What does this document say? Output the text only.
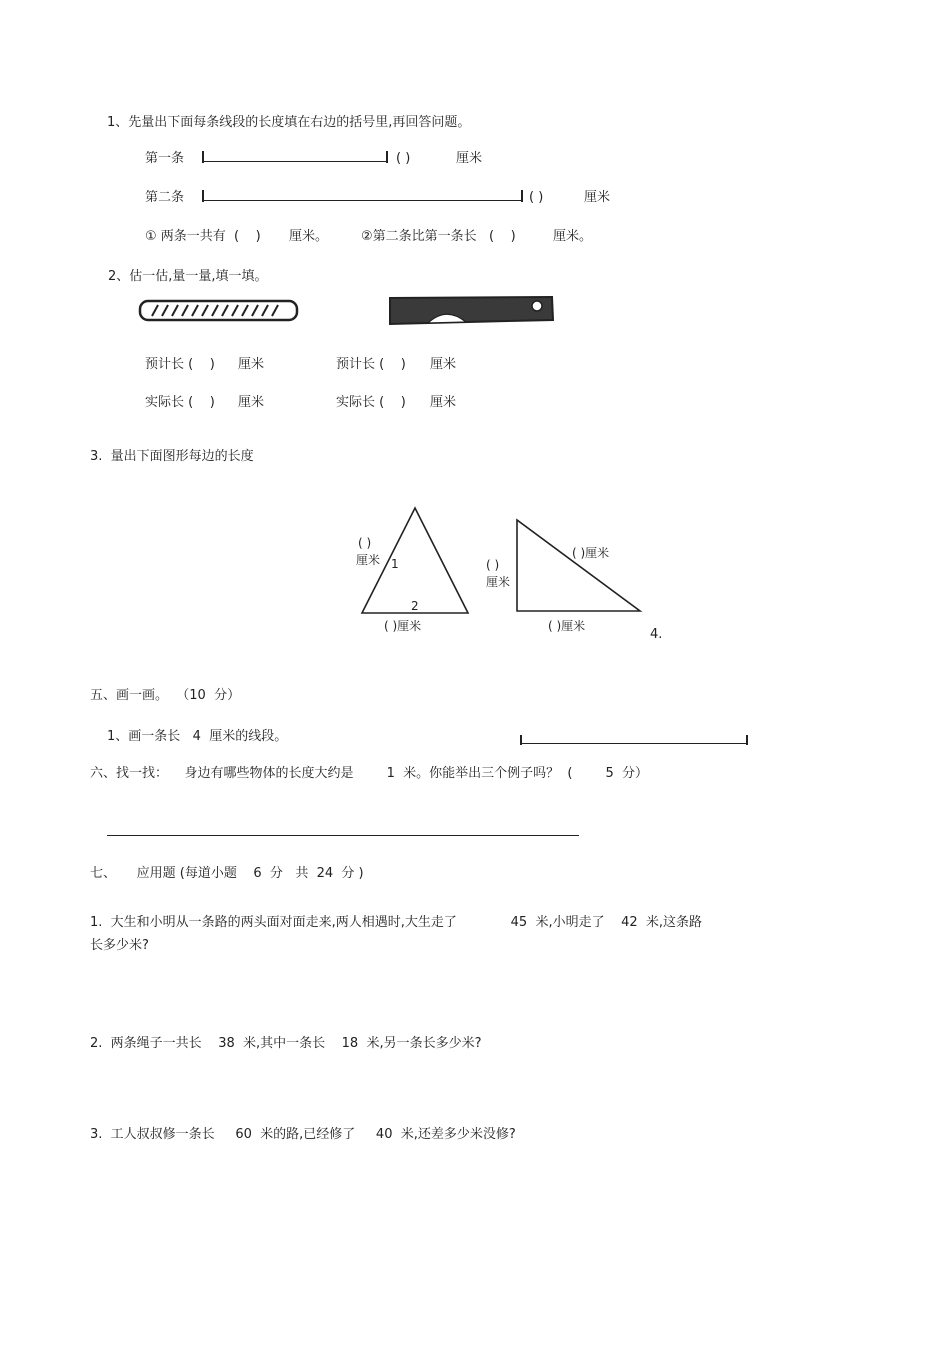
1、先量出下面每条线段的长度填在右边的括号里,再回答问题。
第一条	( )	厘米
第二条	( )	厘米
① 两条一共有  (    ) 厘米。	②第二条比第一条长   (    )	厘米。
2、估一估,量一量,填一填。
预计长 (    ) 厘米	预计长 (    ) 厘米
实际长 (    ) 厘米	实际长 (    ) 厘米
3.  量出下面图形每边的长度
( )
厘米 1
2
( )厘米
( )厘米
( )
厘米
( )厘米
4.
五、画一画。  （10  分）
1、画一条长   4  厘米的线段。
六、找一找：    身边有哪些物体的长度大约是        1  米。你能举出三个例子吗？  (        5  分）
七、     应用题 (每道小题    6  分   共  24  分 )
1.  大生和小明从一条路的两头面对面走来,两人相遇时,大生走了             45  米,小明走了    42  米,这条路
长多少米?
2.  两条绳子一共长    38  米,其中一条长    18  米,另一条长多少米?
3.  工人叔叔修一条长     60  米的路,已经修了     40  米,还差多少米没修?
